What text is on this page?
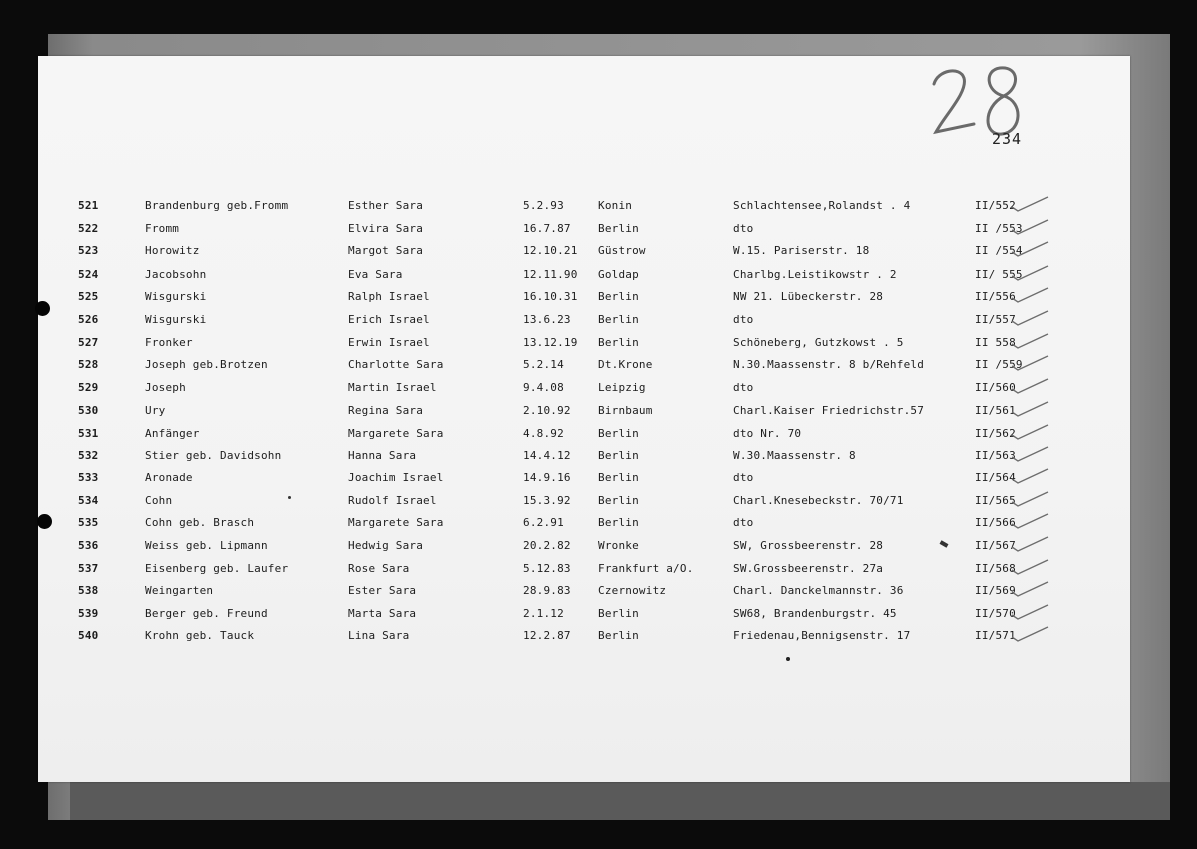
234
521	Brandenburg geb.Fromm	Esther Sara	5.2.93	Konin	Schlachtensee,Rolandst . 4	II/552
522	Fromm	Elvira Sara	16.7.87 Berlin	dto	II /553
523	Horowitz	Margot Sara	12.10.21 Güstrow	W.15. Pariserstr. 18	II /554
524	Jacobsohn	Eva Sara	12.11.90 Goldap	Charlbg.Leistikowstr . 2	II/ 555
525	Wisgurski	Ralph Israel	16.10.31 Berlin	NW 21. Lübeckerstr. 28	II/556
526	Wisgurski	Erich Israel	13.6.23 Berlin	dto	II/557
527	Fronker	Erwin Israel	13.12.19 Berlin	Schöneberg, Gutzkowst . 5	II 558
528	Joseph geb.Brotzen	Charlotte Sara	5.2.14	Dt.Krone	N.30.Maassenstr. 8 b/Rehfeld	II /559
529	Joseph	Martin Israel	9.4.08	Leipzig	dto	II/560
530	Ury	Regina Sara	2.10.92 Birnbaum	Charl.Kaiser Friedrichstr.57	II/561
531	Anfänger	Margarete Sara	4.8.92	Berlin	dto Nr. 70	II/562
532	Stier geb. Davidsohn	Hanna Sara	14.4.12 Berlin	W.30.Maassenstr. 8	II/563
533	Aronade	Joachim Israel	14.9.16 Berlin	dto	II/564
534	Cohn	Rudolf Israel	15.3.92 Berlin	Charl.Knesebeckstr. 70/71	II/565
535	Cohn geb. Brasch	Margarete Sara	6.2.91	Berlin	dto	II/566
536	Weiss geb. Lipmann	Hedwig Sara	20.2.82 Wronke	SW, Grossbeerenstr. 28	II/567
537	Eisenberg geb. Laufer	Rose Sara	5.12.83 Frankfurt a/O.	SW.Grossbeerenstr. 27a	II/568
538	Weingarten	Ester Sara	28.9.83 Czernowitz	Charl. Danckelmannstr. 36	II/569
539	Berger geb. Freund	Marta Sara	2.1.12	Berlin	SW68, Brandenburgstr. 45	II/570
540	Krohn geb. Tauck	Lina Sara	12.2.87 Berlin	Friedenau,Bennigsenstr. 17	II/571
